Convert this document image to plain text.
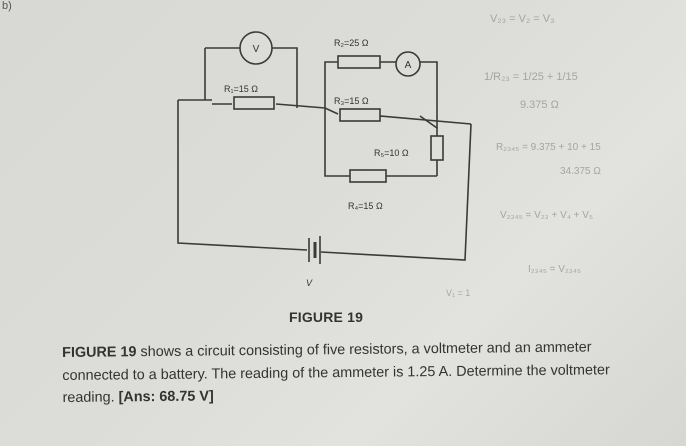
b)
V
A
R₁=15 Ω
R₂=25 Ω
R₃=15 Ω
R₄=15 Ω
R₅=10 Ω
V
V₂₃ = V₂ = V₃
1/R₂₃ = 1/25 + 1/15
9.375 Ω
R₂₃₄₅ = 9.375 + 10 + 15
34.375 Ω
V₂₃₄₅ = V₂₃ + V₄ + V₅
I₂₃₄₅ = V₂₃₄₅
V₁ = 1
FIGURE 19
FIGURE 19 shows a circuit consisting of five resistors, a voltmeter and an ammeter
connected to a battery. The reading of the ammeter is 1.25 A. Determine the voltmeter
reading. [Ans: 68.75 V]
